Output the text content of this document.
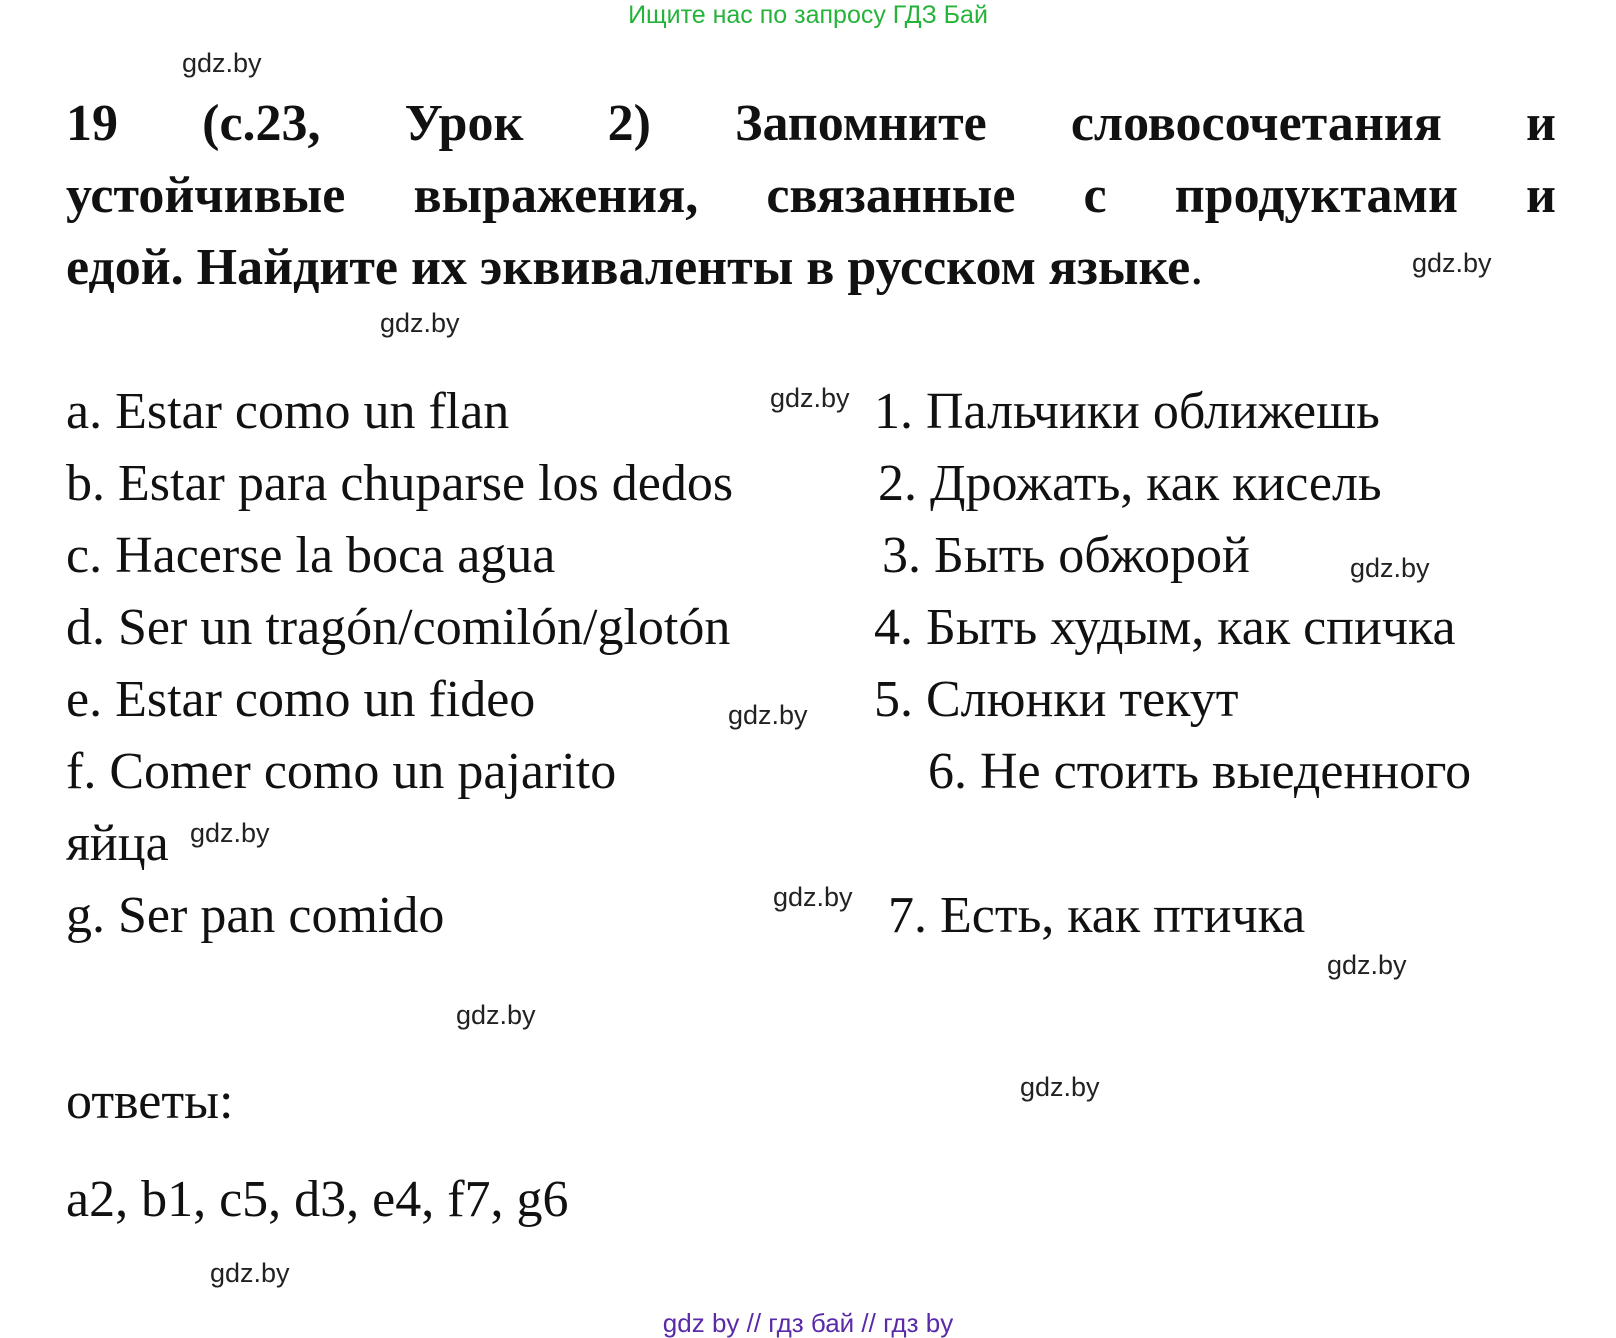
Ищите нас по запросу ГДЗ Бай
19 (с.23, Урок 2) Запомните словосочетания и
устойчивые выражения, связанные с продуктами и
едой. Найдите их эквиваленты в русском языке.
gdz.by
gdz.by
gdz.by
gdz.by
gdz.by
gdz.by
gdz.by
gdz.by
gdz.by
gdz.by
gdz.by
gdz.by
a. Estar como un flan
b. Estar para chuparse los dedos
c. Hacerse la boca agua
d. Ser un tragón/comilón/glotón
e. Estar como un fideo
f. Comer como un pajarito
g. Ser pan comido
1. Пальчики оближешь
2. Дрожать, как кисель
3. Быть обжорой
4. Быть худым, как спичка
5. Слюнки текут
6. Не стоить выеденного
яйца
7. Есть, как птичка
ответы:
a2, b1, c5, d3, e4, f7, g6
gdz by // гдз бай // гдз by
